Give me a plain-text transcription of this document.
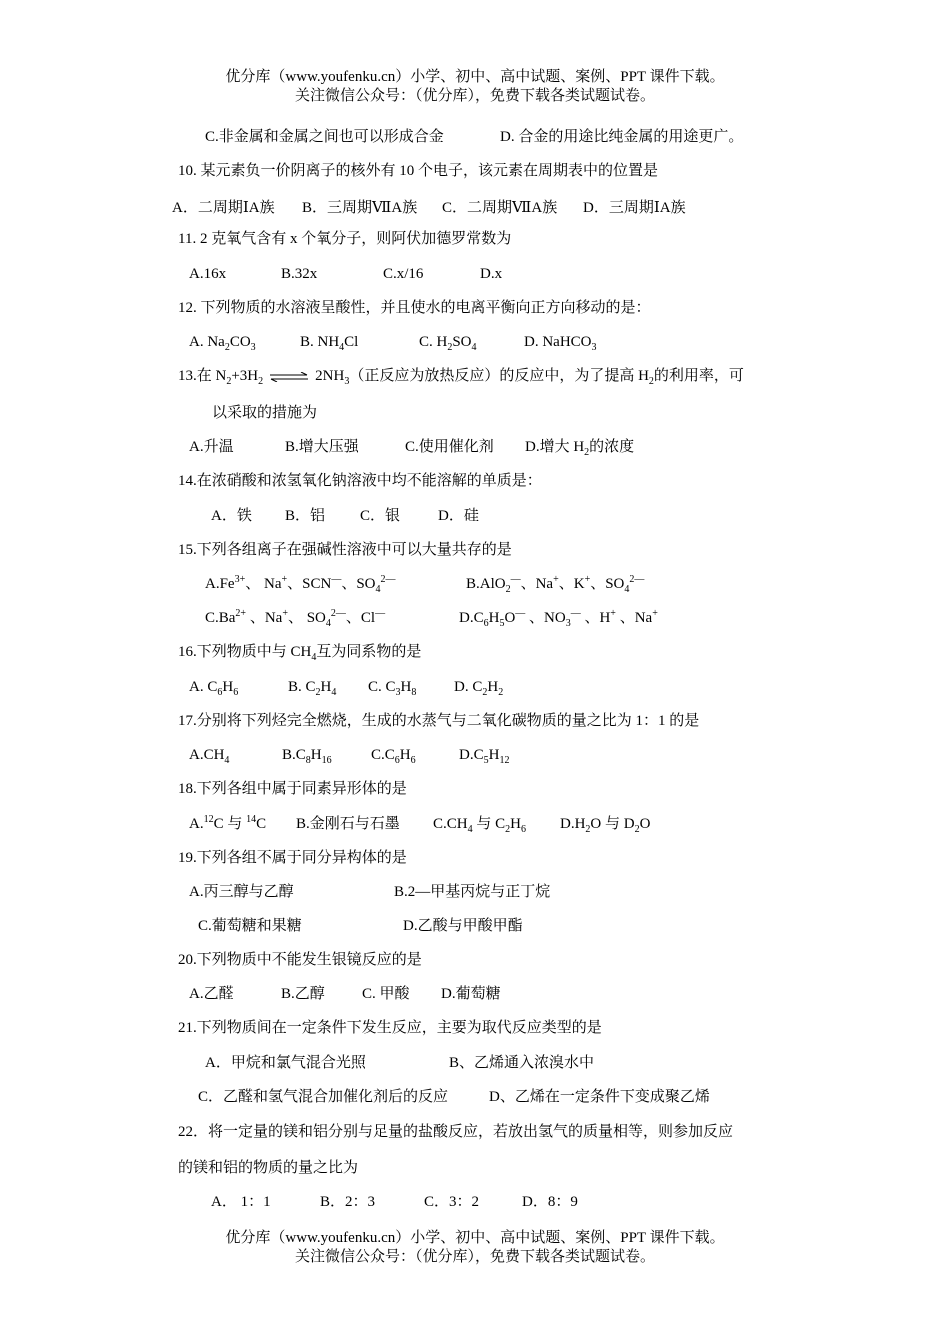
优分库（www.youfenku.cn）小学、初中、高中试题、案例、PPT 课件下载。
关注微信公众号：（优分库），免费下载各类试题试卷。
C.非金属和金属之间也可以形成合金	D. 合金的用途比纯金属的用途更广。
10. 某元素负一价阴离子的核外有 10 个电子，该元素在周期表中的位置是
A．二周期ⅠA族 B．三周期ⅦA族 C．二周期ⅦA族 D．三周期ⅠA族
11. 2 克氧气含有 x 个氧分子，则阿伏加德罗常数为
A.16x	B.32x	C.x/16	D.x
12. 下列物质的水溶液呈酸性，并且使水的电离平衡向正方向移动的是：
A. $Na_2CO_3$	B. $NH_4Cl$	C. $H_2SO_4$	D. NaHCO$_3$
13.在 $N_2+3H_2$ ⇌ $2NH_3$（正反应为放热反应）的反应中，为了提高 $H_2$的利用率，可
以采取的措施为
A.升温	B.增大压强	C.使用催化剂 D.增大 $H_2$的浓度
14.在浓硝酸和浓氢氧化钠溶液中均不能溶解的单质是：
A．铁 B．铝 C．银	D．硅
15.下列各组离子在强碱性溶液中可以大量共存的是
$A.Fe^{3+}$、 Na+、SCN—、$SO_4^{2—}$	B.AlO$_2$—、Na+、K+、$SO_4^{2—}$
$C.Ba^{2+}$ 、Na+、 $SO_4^{2—}$、Cl—	$D.C_6H_5O^—$ 、$NO_3^—$ 、H+ 、Na+
16.下列物质中与 $CH_4$互为同系物的是
A. $C_6H_6$	B. $C_2H_4$ C. $C_3H_8$	D. $C_2H_2$
17.分别将下列烃完全燃烧，生成的水蒸气与二氧化碳物质的量之比为 1：1 的是
$A.CH_4$	$B.C_8H_{16}$	$C.C_6H_6$	$D.C_5H_{12}$
18.下列各组中属于同素异形体的是
A.$^{12}$C 与 $^{14}$C B.金刚石与石墨 $C.CH_4$ 与 $C_2H_6$ $D.H_2O$ 与 $D_2O$
19.下列各组不属于同分异构体的是
A.丙三醇与乙醇	B.2—甲基丙烷与正丁烷
C.葡萄糖和果糖	D.乙酸与甲酸甲酯
20.下列物质中不能发生银镜反应的是
A.乙醛	B.乙醇 C. 甲酸 D.葡萄糖
21.下列物质间在一定条件下发生反应，主要为取代反应类型的是
A．甲烷和氯气混合光照	B、乙烯通入浓溴水中
C．乙醛和氢气混合加催化剂后的反应	D、乙烯在一定条件下变成聚乙烯
22．将一定量的镁和铝分别与足量的盐酸反应，若放出氢气的质量相等，则参加反应
的镁和铝的物质的量之比为
A． 1：1	B．2：3	C．3：2	D．8：9
优分库（www.youfenku.cn）小学、初中、高中试题、案例、PPT 课件下载。
关注微信公众号：（优分库），免费下载各类试题试卷。
